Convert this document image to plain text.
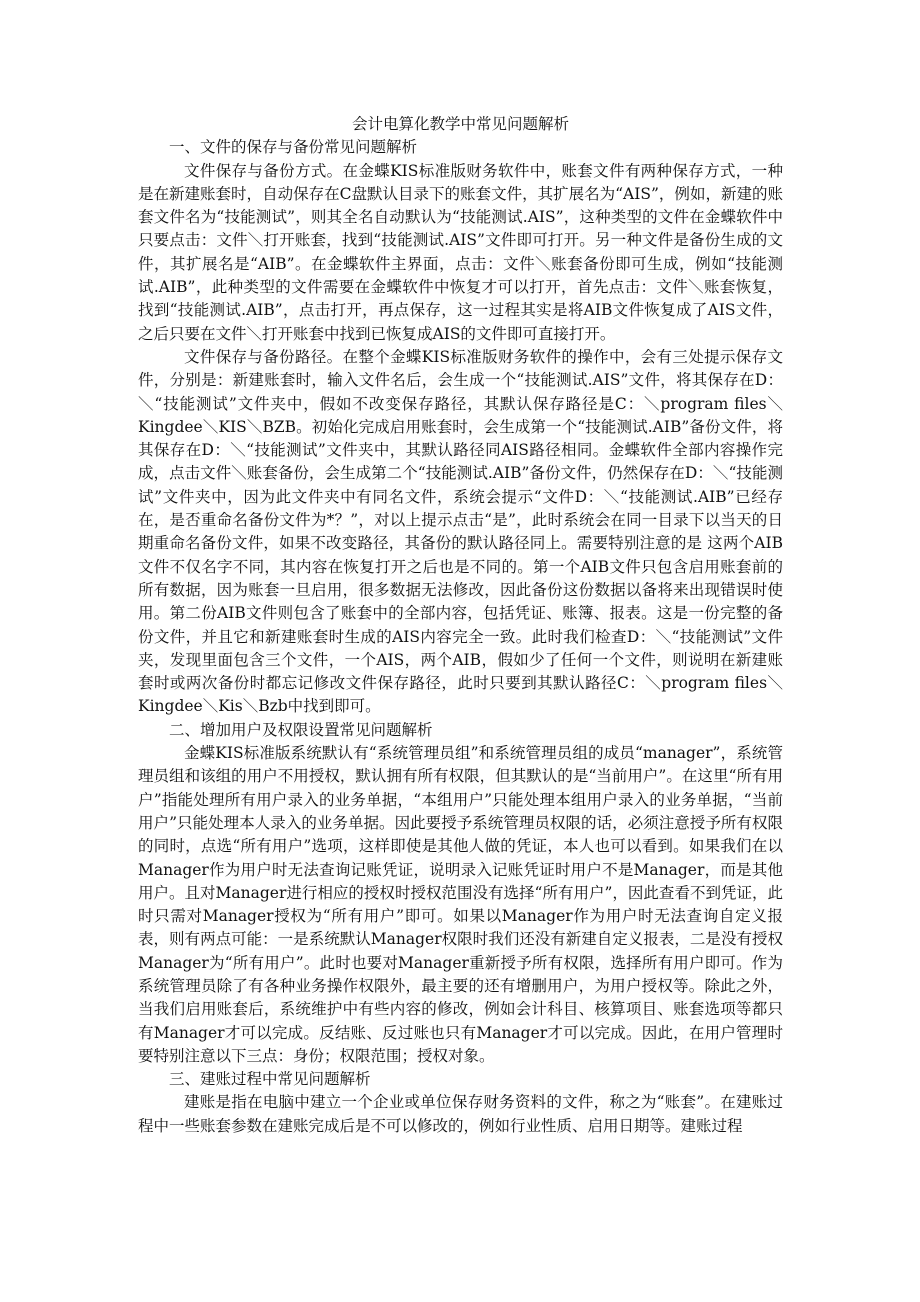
会计电算化教学中常见问题解析
一、文件的保存与备份常见问题解析

文件保存与备份方式。在金蝶KIS标准版财务软件中，账套文件有两种保存方式，一种是在新建账套时，自动保存在C盘默认目录下的账套文件，其扩展名为“AIS”，例如，新建的账套文件名为“技能测试”，则其全名自动默认为“技能测试.AIS”，这种类型的文件在金蝶软件中只要点击：文件＼打开账套，找到“技能测试.AIS”文件即可打开。另一种文件是备份生成的文件，其扩展名是“AIB”。在金蝶软件主界面，点击：文件＼账套备份即可生成，例如“技能测试.AIB”，此种类型的文件需要在金蝶软件中恢复才可以打开，首先点击：文件＼账套恢复，找到“技能测试.AIB”，点击打开，再点保存，这一过程其实是将AIB文件恢复成了AIS文件，之后只要在文件＼打开账套中找到已恢复成AIS的文件即可直接打开。

文件保存与备份路径。在整个金蝶KIS标准版财务软件的操作中，会有三处提示保存文件，分别是：新建账套时，输入文件名后，会生成一个“技能测试.AIS”文件，将其保存在D：＼“技能测试”文件夹中，假如不改变保存路径，其默认保存路径是C：＼program files＼Kingdee＼KIS＼BZB。初始化完成启用账套时，会生成第一个“技能测试.AIB”备份文件，将其保存在D：＼“技能测试”文件夹中，其默认路径同AIS路径相同。金蝶软件全部内容操作完成，点击文件＼账套备份，会生成第二个“技能测试.AIB”备份文件，仍然保存在D：＼“技能测试”文件夹中，因为此文件夹中有同名文件，系统会提示“文件D：＼“技能测试.AIB”已经存在，是否重命名备份文件为*？”，对以上提示点击“是”，此时系统会在同一目录下以当天的日期重命名备份文件，如果不改变路径，其备份的默认路径同上。需要特别注意的是 这两个AIB文件不仅名字不同，其内容在恢复打开之后也是不同的。第一个AIB文件只包含启用账套前的所有数据，因为账套一旦启用，很多数据无法修改，因此备份这份数据以备将来出现错误时使用。第二份AIB文件则包含了账套中的全部内容，包括凭证、账簿、报表。这是一份完整的备份文件，并且它和新建账套时生成的AIS内容完全一致。此时我们检查D：＼“技能测试”文件夹，发现里面包含三个文件，一个AIS，两个AIB，假如少了任何一个文件，则说明在新建账套时或两次备份时都忘记修改文件保存路径，此时只要到其默认路径C：＼program files＼Kingdee＼Kis＼Bzb中找到即可。

二、增加用户及权限设置常见问题解析

金蝶KIS标准版系统默认有“系统管理员组”和系统管理员组的成员“manager”，系统管理员组和该组的用户不用授权，默认拥有所有权限，但其默认的是“当前用户”。在这里“所有用户”指能处理所有用户录入的业务单据，“本组用户”只能处理本组用户录入的业务单据，“当前用户”只能处理本人录入的业务单据。因此要授予系统管理员权限的话，必须注意授予所有权限的同时，点选“所有用户”选项，这样即使是其他人做的凭证，本人也可以看到。如果我们在以Manager作为用户时无法查询记账凭证，说明录入记账凭证时用户不是Manager，而是其他用户。且对Manager进行相应的授权时授权范围没有选择“所有用户”，因此查看不到凭证，此时只需对Manager授权为“所有用户”即可。如果以Manager作为用户时无法查询自定义报表，则有两点可能：一是系统默认Manager权限时我们还没有新建自定义报表，二是没有授权Manager为“所有用户”。此时也要对Manager重新授予所有权限，选择所有用户即可。作为系统管理员除了有各种业务操作权限外，最主要的还有增删用户，为用户授权等。除此之外，当我们启用账套后，系统维护中有些内容的修改，例如会计科目、核算项目、账套选项等都只有Manager才可以完成。反结账、反过账也只有Manager才可以完成。因此，在用户管理时要特别注意以下三点：身份；权限范围；授权对象。

三、建账过程中常见问题解析

建账是指在电脑中建立一个企业或单位保存财务资料的文件，称之为“账套”。在建账过程中一些账套参数在建账完成后是不可以修改的，例如行业性质、启用日期等。建账过程
